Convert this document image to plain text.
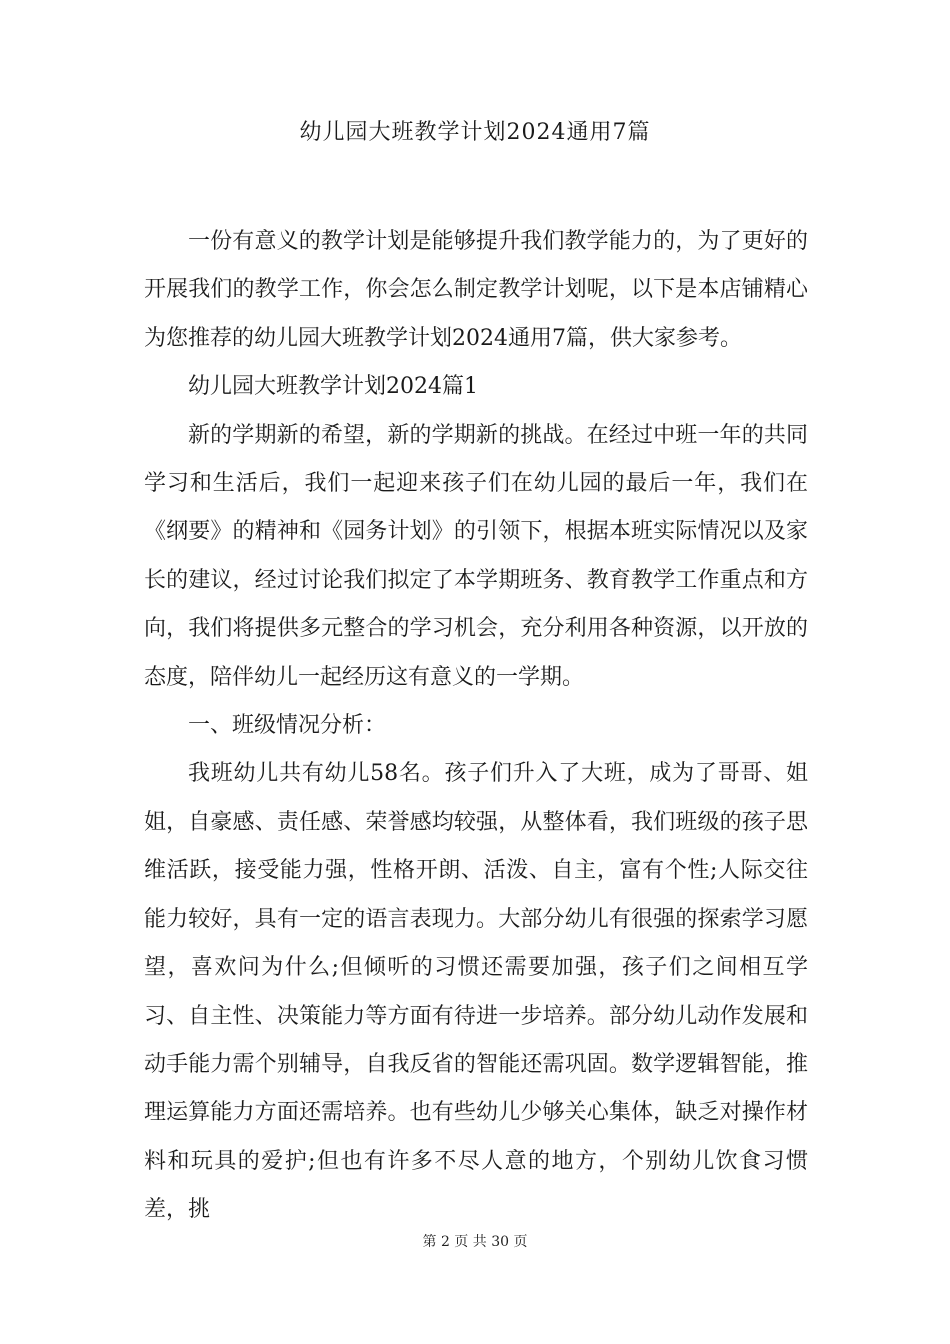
幼儿园大班教学计划2024通用7篇

一份有意义的教学计划是能够提升我们教学能力的，为了更好的开展我们的教学工作，你会怎么制定教学计划呢，以下是本店铺精心为您推荐的幼儿园大班教学计划2024通用7篇，供大家参考。

幼儿园大班教学计划2024篇1

新的学期新的希望，新的学期新的挑战。在经过中班一年的共同学习和生活后，我们一起迎来孩子们在幼儿园的最后一年，我们在《纲要》的精神和《园务计划》的引领下，根据本班实际情况以及家长的建议，经过讨论我们拟定了本学期班务、教育教学工作重点和方向，我们将提供多元整合的学习机会，充分利用各种资源，以开放的态度，陪伴幼儿一起经历这有意义的一学期。

一、班级情况分析：

我班幼儿共有幼儿58名。孩子们升入了大班，成为了哥哥、姐姐，自豪感、责任感、荣誉感均较强，从整体看，我们班级的孩子思维活跃，接受能力强，性格开朗、活泼、自主，富有个性;人际交往能力较好，具有一定的语言表现力。大部分幼儿有很强的探索学习愿望，喜欢问为什么;但倾听的习惯还需要加强，孩子们之间相互学习、自主性、决策能力等方面有待进一步培养。部分幼儿动作发展和动手能力需个别辅导，自我反省的智能还需巩固。数学逻辑智能，推理运算能力方面还需培养。也有些幼儿少够关心集体，缺乏对操作材料和玩具的爱护;但也有许多不尽人意的地方，个别幼儿饮食习惯差，挑

第 2 页 共 30 页
